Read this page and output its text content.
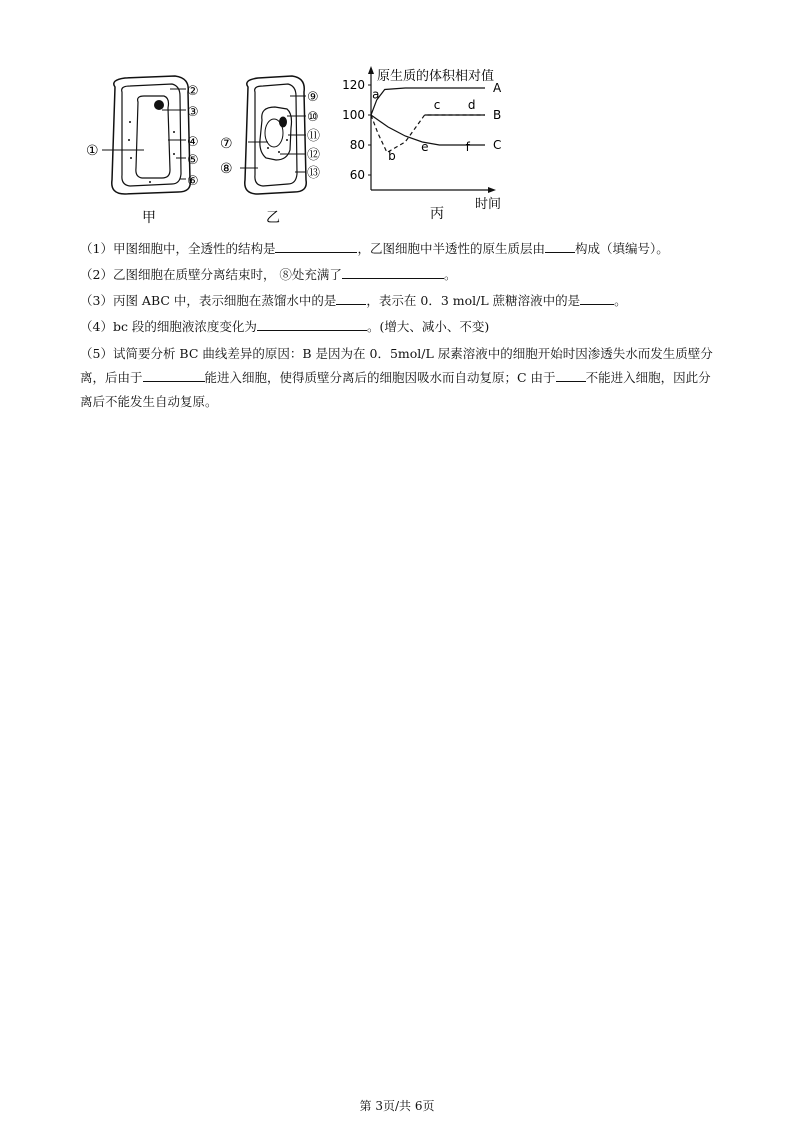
①
②
③
④
⑤
⑥
甲
⑦
⑧
⑨
⑩
⑪
⑫
⑬
乙
60
80
100
120	A
B
C
a
b
c d
e	f
原生质的体积相对值
时间
丙
（1）甲图细胞中，全透性的结构是	，乙图细胞中半透性的原生质层由 构成（填编号）。
（2）乙图细胞在质壁分离结束时， ⑧处充满了	。
（3）丙图 ABC 中，表示细胞在蒸馏水中的是 ，表示在 0．3 mol/L 蔗糖溶液中的是	。
（4）bc 段的细胞液浓度变化为	。(增大、减小、不变)
（5）试简要分析 BC 曲线差异的原因：B 是因为在 0．5mol/L 尿素溶液中的细胞开始时因渗透失水而发生质壁分离，后由于	能进入细胞，使得质壁分离后的细胞因吸水而自动复原；C 由于 不能进入细胞，因此分离后不能发生自动复原。
第 3页/共 6页
